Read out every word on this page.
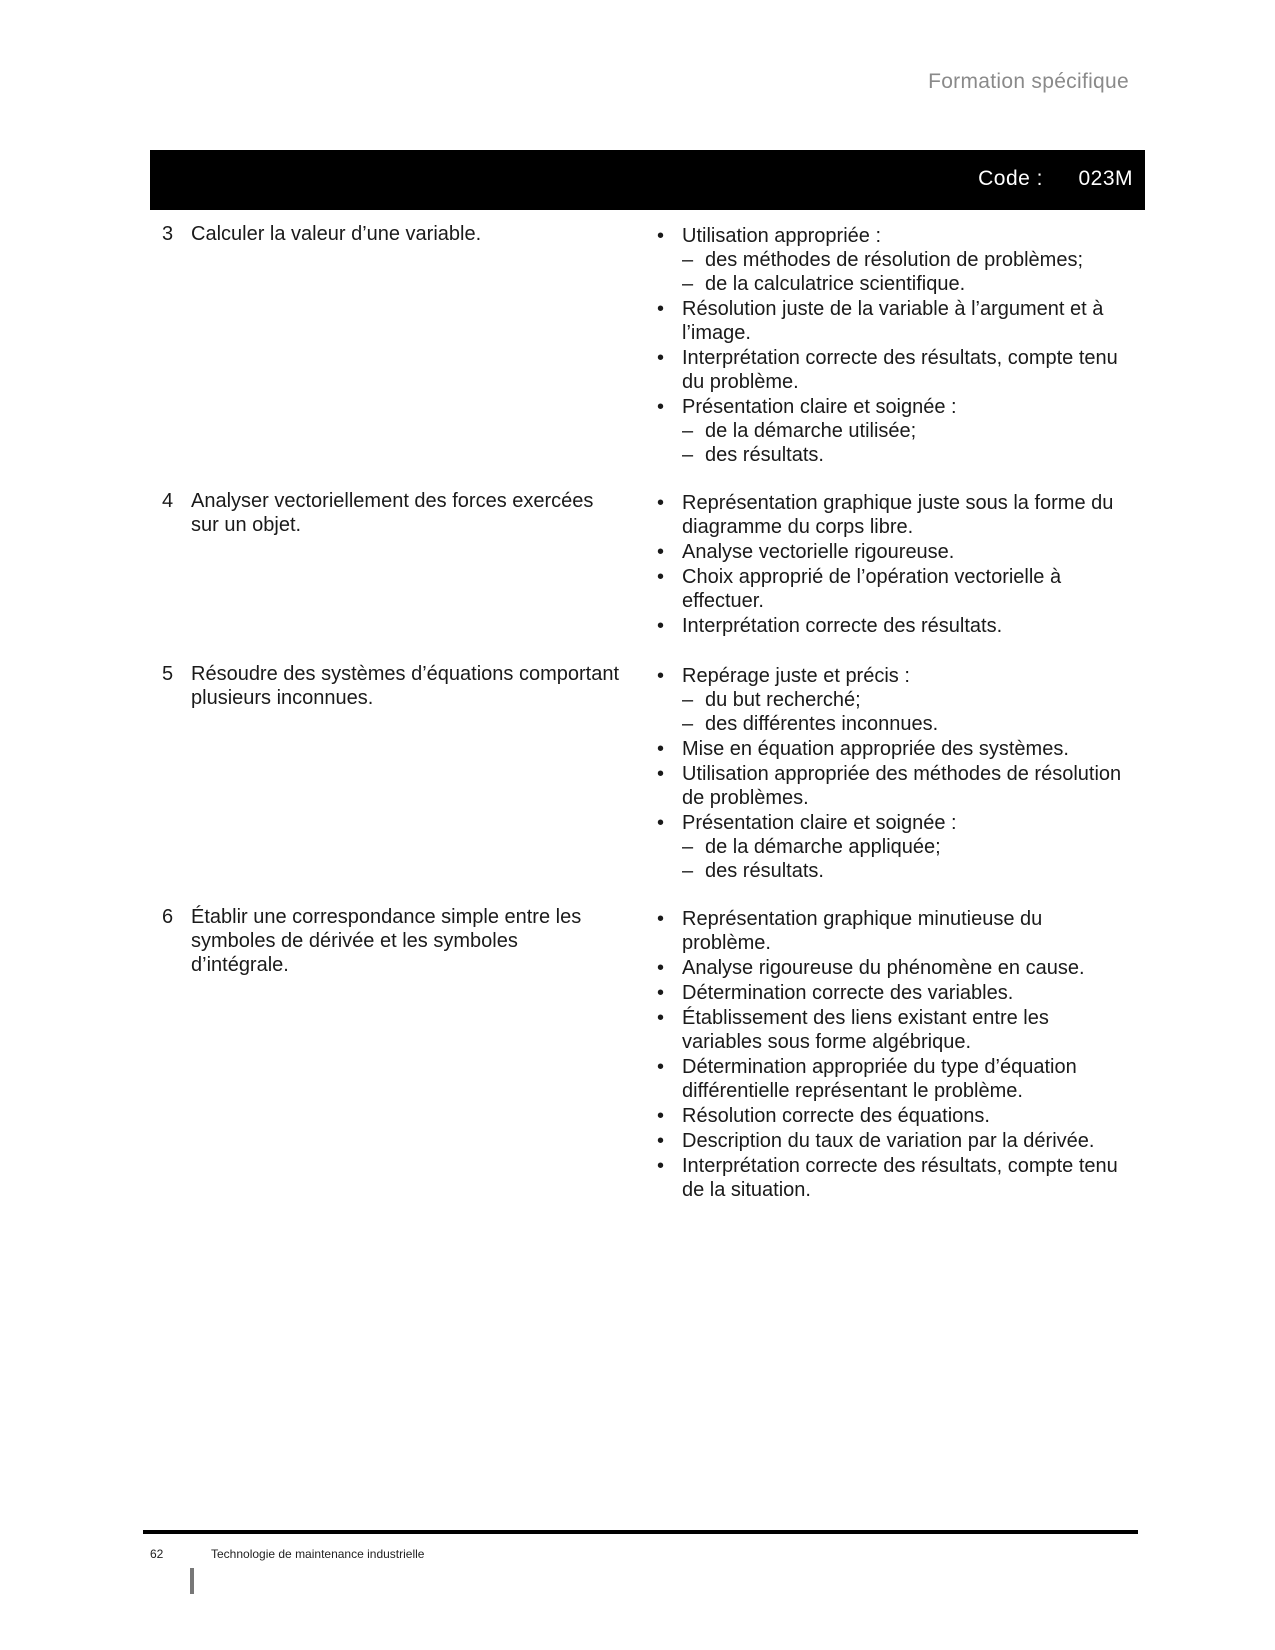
Formation spécifique
Code : 023M
3 Calculer la valeur d’une variable.	• Utilisation appropriée :
– des méthodes de résolution de problèmes;
– de la calculatrice scientifique.
• Résolution juste de la variable à l’argument et à l’image.
• Interprétation correcte des résultats, compte tenu du problème.
• Présentation claire et soignée :
– de la démarche utilisée;
– des résultats.
4 Analyser vectoriellement des forces exercées sur un objet.
• Représentation graphique juste sous la forme du diagramme du corps libre.
• Analyse vectorielle rigoureuse.
• Choix approprié de l’opération vectorielle à effectuer.
• Interprétation correcte des résultats.
5 Résoudre des systèmes d’équations comportant plusieurs inconnues.
• Repérage juste et précis :
– du but recherché;
– des différentes inconnues.
• Mise en équation appropriée des systèmes.
• Utilisation appropriée des méthodes de résolution de problèmes.
• Présentation claire et soignée :
– de la démarche appliquée;
– des résultats.
6 Établir une correspondance simple entre les symboles de dérivée et les symboles d’intégrale.
• Représentation graphique minutieuse du problème.
• Analyse rigoureuse du phénomène en cause.
• Détermination correcte des variables.
• Établissement des liens existant entre les variables sous forme algébrique.
• Détermination appropriée du type d’équation différentielle représentant le problème.
• Résolution correcte des équations.
• Description du taux de variation par la dérivée.
• Interprétation correcte des résultats, compte tenu de la situation.
62	Technologie de maintenance industrielle
